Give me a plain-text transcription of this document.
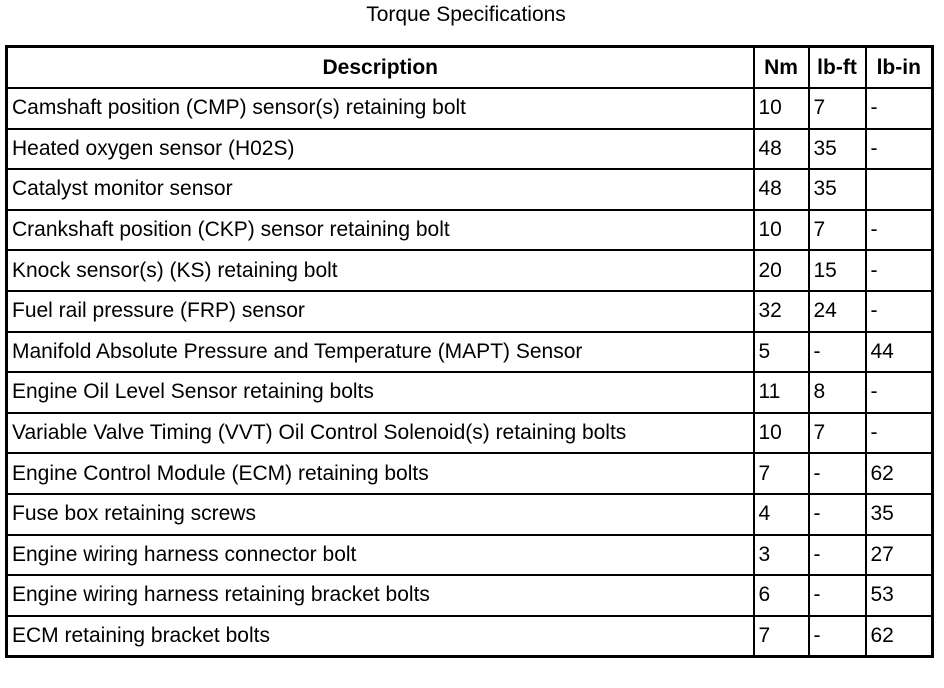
Torque Specifications
Description	Nm	lb-ft	lb-in
Camshaft position (CMP) sensor(s) retaining bolt	10	7	-
Heated oxygen sensor (H02S)	48	35	-
Catalyst monitor sensor	48	35	
Crankshaft position (CKP) sensor retaining bolt	10	7	-
Knock sensor(s) (KS) retaining bolt	20	15	-
Fuel rail pressure (FRP) sensor	32	24	-
Manifold Absolute Pressure and Temperature (MAPT) Sensor	5	-	44
Engine Oil Level Sensor retaining bolts	11	8	-
Variable Valve Timing (VVT) Oil Control Solenoid(s) retaining bolts	10	7	-
Engine Control Module (ECM) retaining bolts	7	-	62
Fuse box retaining screws	4	-	35
Engine wiring harness connector bolt	3	-	27
Engine wiring harness retaining bracket bolts	6	-	53
ECM retaining bracket bolts	7	-	62
